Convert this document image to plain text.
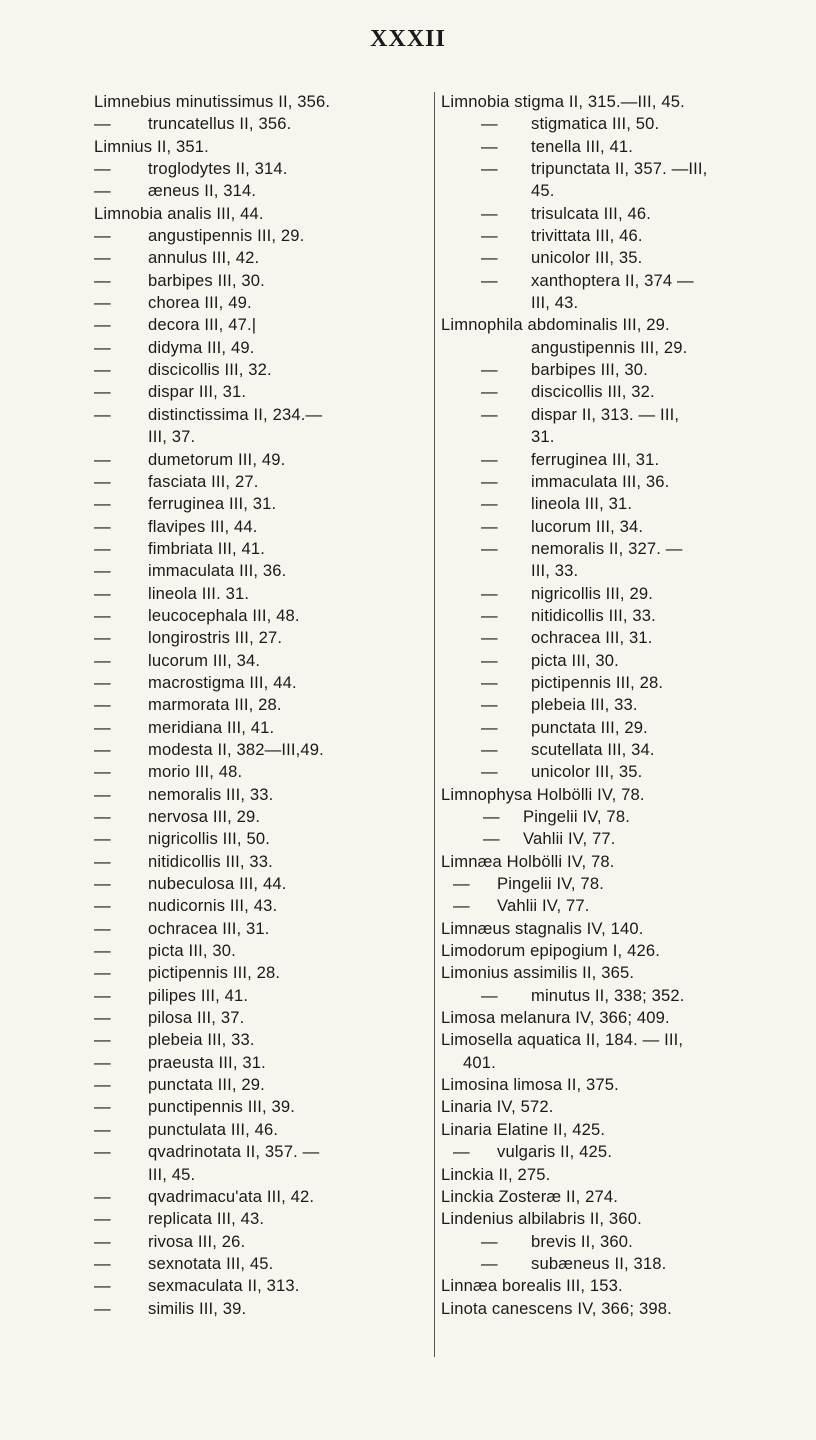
XXXII
Limnebius minutissimus II, 356.
— truncatellus II, 356.
Limnius II, 351.
— troglodytes II, 314.
— æneus II, 314.
Limnobia analis III, 44.
— angustipennis III, 29.
— annulus III, 42.
— barbipes III, 30.
— chorea III, 49.
— decora III, 47.|
— didyma III, 49.
— discicollis III, 32.
— dispar III, 31.
— distinctissima II, 234.—
III, 37.
— dumetorum III, 49.
— fasciata III, 27.
— ferruginea III, 31.
— flavipes III, 44.
— fimbriata III, 41.
— immaculata III, 36.
— lineola III. 31.
— leucocephala III, 48.
— longirostris III, 27.
— lucorum III, 34.
— macrostigma III, 44.
— marmorata III, 28.
— meridiana III, 41.
— modesta II, 382—III,49.
— morio III, 48.
— nemoralis III, 33.
— nervosa III, 29.
— nigricollis III, 50.
— nitidicollis III, 33.
— nubeculosa III, 44.
— nudicornis III, 43.
— ochracea III, 31.
— picta III, 30.
— pictipennis III, 28.
— pilipes III, 41.
— pilosa III, 37.
— plebeia III, 33.
— praeusta III, 31.
— punctata III, 29.
— punctipennis III, 39.
— punctulata III, 46.
— qvadrinotata II, 357. —
III, 45.
— qvadrimacu'ata III, 42.
— replicata III, 43.
— rivosa III, 26.
— sexnotata III, 45.
— sexmaculata II, 313.
— similis III, 39.
Limnobia stigma II, 315.—III, 45.
— stigmatica III, 50.
— tenella III, 41.
— tripunctata II, 357. —III,
45.
— trisulcata III, 46.
— trivittata III, 46.
— unicolor III, 35.
— xanthoptera II, 374 —
III, 43.
Limnophila abdominalis III, 29.
angustipennis III, 29.
— barbipes III, 30.
— discicollis III, 32.
— dispar II, 313. — III,
31.
— ferruginea III, 31.
— immaculata III, 36.
— lineola III, 31.
— lucorum III, 34.
— nemoralis II, 327. —
III, 33.
— nigricollis III, 29.
— nitidicollis III, 33.
— ochracea III, 31.
— picta III, 30.
— pictipennis III, 28.
— plebeia III, 33.
— punctata III, 29.
— scutellata III, 34.
— unicolor III, 35.
Limnophysa Holbölli IV, 78.
— Pingelii IV, 78.
— Vahlii IV, 77.
Limnæa Holbölli IV, 78.
— Pingelii IV, 78.
— Vahlii IV, 77.
Limnæus stagnalis IV, 140.
Limodorum epipogium I, 426.
Limonius assimilis II, 365.
— minutus II, 338; 352.
Limosa melanura IV, 366; 409.
Limosella aquatica II, 184. — III,
401.
Limosina limosa II, 375.
Linaria IV, 572.
Linaria Elatine II, 425.
— vulgaris II, 425.
Linckia II, 275.
Linckia Zosteræ II, 274.
Lindenius albilabris II, 360.
— brevis II, 360.
— subæneus II, 318.
Linnæa borealis III, 153.
Linota canescens IV, 366; 398.
